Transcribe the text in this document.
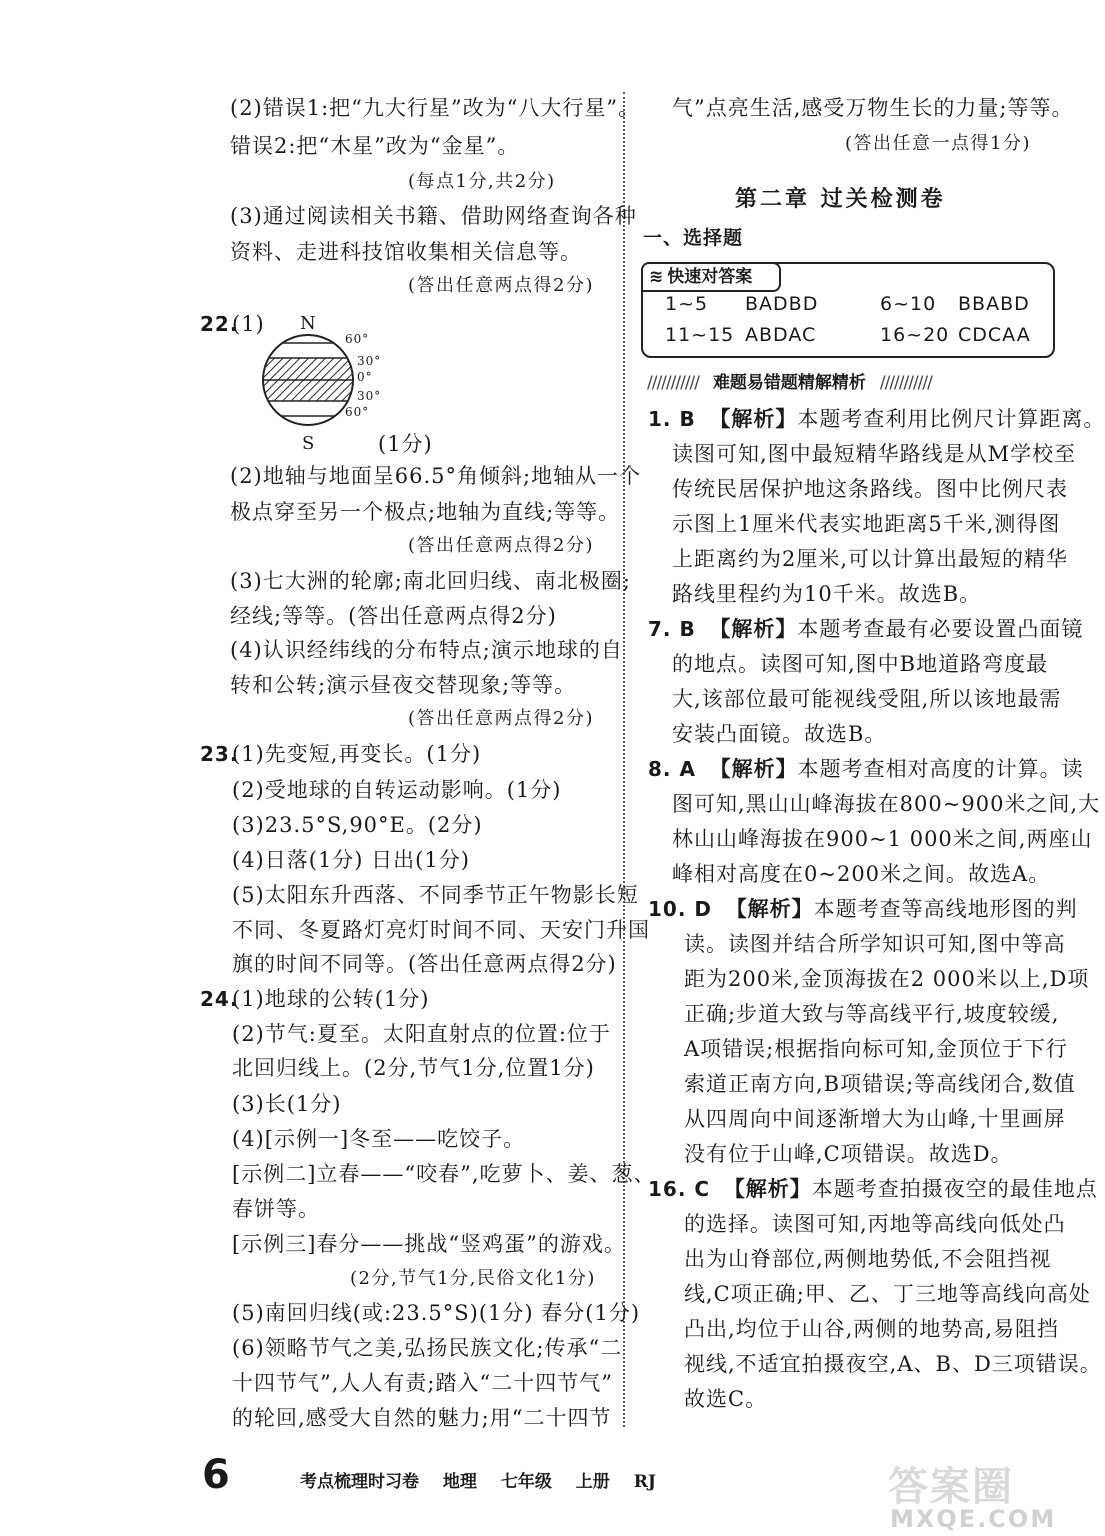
(2)错误1:把“九大行星”改为“八大行星”。
错误2:把“木星”改为“金星”。
(每点1分,共2分)
(3)通过阅读相关书籍、借助网络查询各种
资料、走进科技馆收集相关信息等。
(答出任意两点得2分)
22.
(1) N
S
60°
30°
0°
30°
60°
(1分)
(2)地轴与地面呈66.5°角倾斜;地轴从一个
极点穿至另一个极点;地轴为直线;等等。
(答出任意两点得2分)
(3)七大洲的轮廓;南北回归线、南北极圈;
经线;等等。(答出任意两点得2分)
(4)认识经纬线的分布特点;演示地球的自
转和公转;演示昼夜交替现象;等等。
(答出任意两点得2分)
23.
(1)先变短,再变长。(1分)
(2)受地球的自转运动影响。(1分)
(3)23.5°S,90°E。(2分)
(4)日落(1分) 日出(1分)
(5)太阳东升西落、不同季节正午物影长短
不同、冬夏路灯亮灯时间不同、天安门升国
旗的时间不同等。(答出任意两点得2分)
24.
(1)地球的公转(1分)
(2)节气:夏至。太阳直射点的位置:位于
北回归线上。(2分,节气1分,位置1分)
(3)长(1分)
(4)[示例一]冬至——吃饺子。
[示例二]立春——“咬春”,吃萝卜、姜、葱、
春饼等。
[示例三]春分——挑战“竖鸡蛋”的游戏。
(2分,节气1分,民俗文化1分)
(5)南回归线(或:23.5°S)(1分) 春分(1分)
(6)领略节气之美,弘扬民族文化;传承“二
十四节气”,人人有责;踏入“二十四节气”
的轮回,感受大自然的魅力;用“二十四节
气”点亮生活,感受万物生长的力量;等等。
(答出任意一点得1分)
第二章 过关检测卷
一、选择题
≋ 快速对答案
1~5 BADBD	6~10 BBABD
11~15 ABDAC	16~20 CDCAA
/////////// 难题易错题精解精析 ///////////
1. B 【解析】本题考查利用比例尺计算距离。
读图可知,图中最短精华路线是从M学校至
传统民居保护地这条路线。图中比例尺表
示图上1厘米代表实地距离5千米,测得图
上距离约为2厘米,可以计算出最短的精华
路线里程约为10千米。故选B。
7. B 【解析】本题考查最有必要设置凸面镜
的地点。读图可知,图中B地道路弯度最
大,该部位最可能视线受阻,所以该地最需
安装凸面镜。故选B。
8. A 【解析】本题考查相对高度的计算。读
图可知,黑山山峰海拔在800~900米之间,大
林山山峰海拔在900~1 000米之间,两座山
峰相对高度在0~200米之间。故选A。
10. D 【解析】本题考查等高线地形图的判
读。读图并结合所学知识可知,图中等高
距为200米,金顶海拔在2 000米以上,D项
正确;步道大致与等高线平行,坡度较缓,
A项错误;根据指向标可知,金顶位于下行
索道正南方向,B项错误;等高线闭合,数值
从四周向中间逐渐增大为山峰,十里画屏
没有位于山峰,C项错误。故选D。
16. C 【解析】本题考查拍摄夜空的最佳地点
的选择。读图可知,丙地等高线向低处凸
出为山脊部位,两侧地势低,不会阻挡视
线,C项正确;甲、乙、丁三地等高线向高处
凸出,均位于山谷,两侧的地势高,易阻挡
视线,不适宜拍摄夜空,A、B、D三项错误。
故选C。
6	考点梳理时习卷 地理 七年级 上册 RJ	答案圈
MXQE.COM
